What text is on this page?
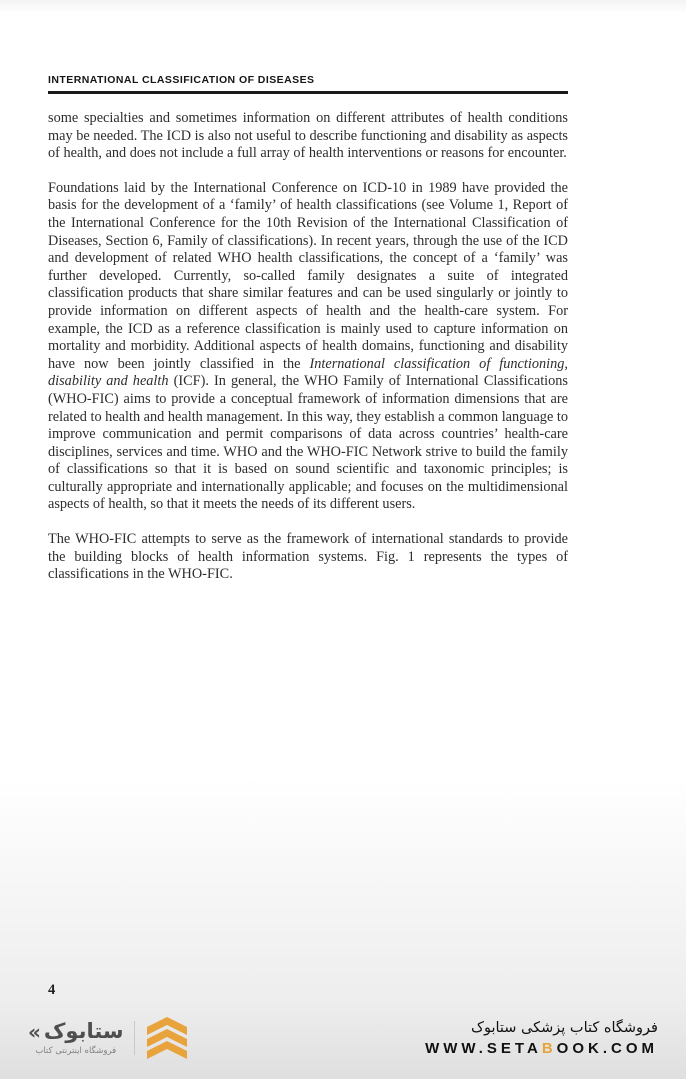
INTERNATIONAL CLASSIFICATION OF DISEASES

some specialties and sometimes information on different attributes of health conditions may be needed. The ICD is also not useful to describe functioning and disability as aspects of health, and does not include a full array of health interventions or reasons for encounter.

Foundations laid by the International Conference on ICD-10 in 1989 have provided the basis for the development of a ‘family’ of health classifications (see Volume 1, Report of the International Conference for the 10th Revision of the International Classification of Diseases, Section 6, Family of classifications). In recent years, through the use of the ICD and development of related WHO health classifications, the concept of a ‘family’ was further developed. Currently, so-called family designates a suite of integrated classification products that share similar features and can be used singularly or jointly to provide information on different aspects of health and the health-care system. For example, the ICD as a reference classification is mainly used to capture information on mortality and morbidity. Additional aspects of health domains, functioning and disability have now been jointly classified in the International classification of functioning, disability and health (ICF). In general, the WHO Family of International Classifications (WHO-FIC) aims to provide a conceptual framework of information dimensions that are related to health and health management. In this way, they establish a common language to improve communication and permit comparisons of data across countries’ health-care disciplines, services and time. WHO and the WHO-FIC Network strive to build the family of classifications so that it is based on sound scientific and taxonomic principles; is culturally appropriate and internationally applicable; and focuses on the multidimensional aspects of health, so that it meets the needs of its different users.

The WHO-FIC attempts to serve as the framework of international standards to provide the building blocks of health information systems. Fig. 1 represents the types of classifications in the WHO-FIC.

4
« ستابوک
فروشگاه اینترنتی کتاب
فروشگاه کتاب پزشکی ستابوک
WWW.SETABOOK.COM
